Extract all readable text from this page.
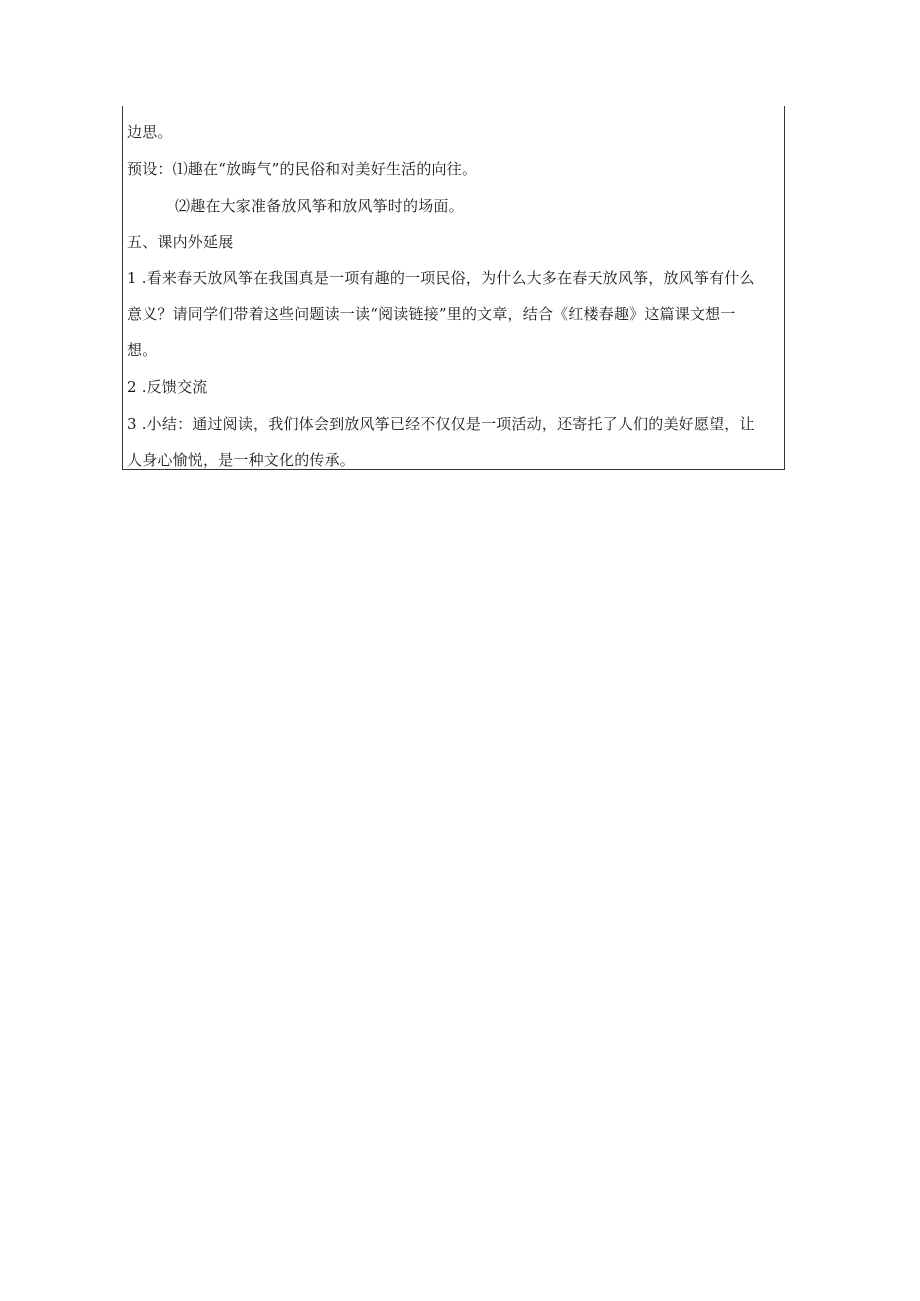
边思。
预设：⑴趣在“放晦气”的民俗和对美好生活的向往。
⑵趣在大家准备放风筝和放风筝时的场面。
五、课内外延展
1 .看来春天放风筝在我国真是一项有趣的一项民俗，为什么大多在春天放风筝，放风筝有什么
意义？请同学们带着这些问题读一读“阅读链接”里的文章，结合《红楼春趣》这篇课文想一
想。
2 .反馈交流
3 .小结：通过阅读，我们体会到放风筝已经不仅仅是一项活动，还寄托了人们的美好愿望，让
人身心愉悦，是一种文化的传承。
